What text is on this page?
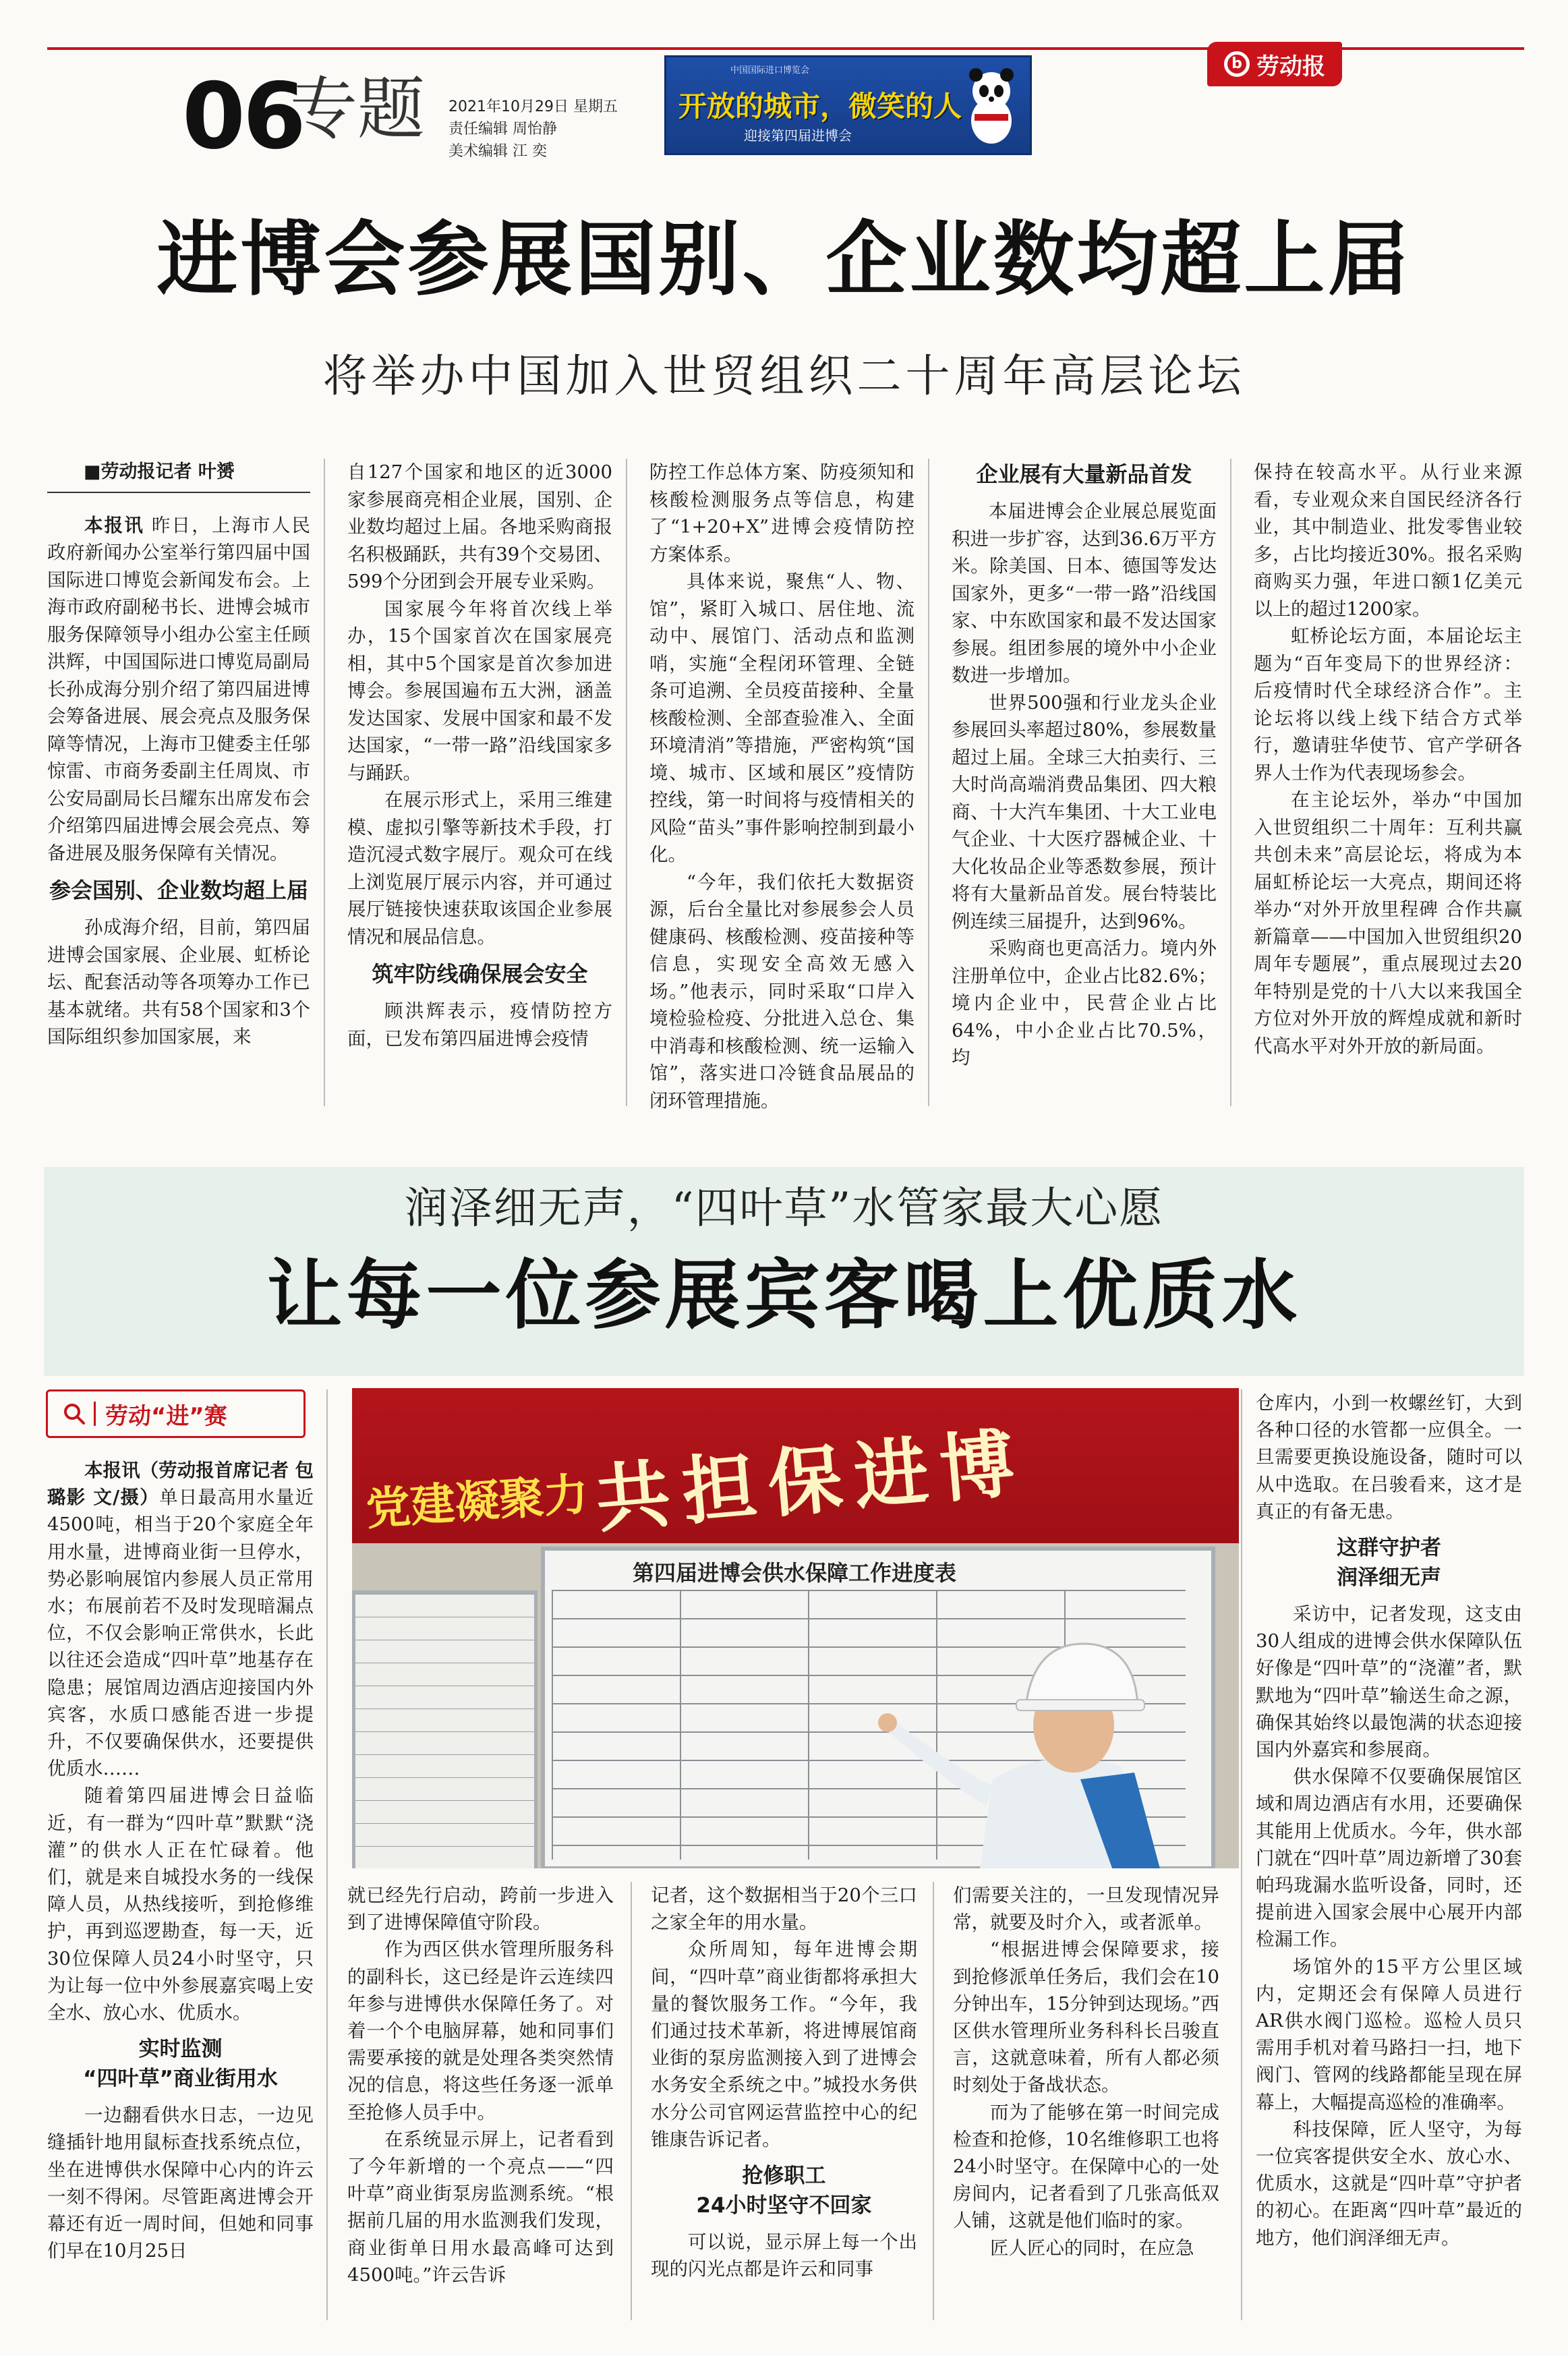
06
专题 2021年10月29日 星期五
责任编辑 周怡静
美术编辑 江 奕
中国国际进口博览会
开放的城市，微笑的人
迎接第四届进博会
b 劳动报
进博会参展国别、企业数均超上届
将举办中国加入世贸组织二十周年高层论坛

■劳动报记者 叶赟

本报讯 昨日，上海市人民政府新闻办公室举行第四届中国国际进口博览会新闻发布会。上海市政府副秘书长、进博会城市服务保障领导小组办公室主任顾洪辉，中国国际进口博览局副局长孙成海分别介绍了第四届进博会筹备进展、展会亮点及服务保障等情况，上海市卫健委主任邬惊雷、市商务委副主任周岚、市公安局副局长吕耀东出席发布会介绍第四届进博会展会亮点、筹备进展及服务保障有关情况。

参会国别、企业数均超上届

孙成海介绍，目前，第四届进博会国家展、企业展、虹桥论坛、配套活动等各项筹办工作已基本就绪。共有58个国家和3个国际组织参加国家展，来

自127个国家和地区的近3000家参展商亮相企业展，国别、企业数均超过上届。各地采购商报名积极踊跃，共有39个交易团、599个分团到会开展专业采购。

国家展今年将首次线上举办，15个国家首次在国家展亮相，其中5个国家是首次参加进博会。参展国遍布五大洲，涵盖发达国家、发展中国家和最不发达国家，“一带一路”沿线国家多与踊跃。

在展示形式上，采用三维建模、虚拟引擎等新技术手段，打造沉浸式数字展厅。观众可在线上浏览展厅展示内容，并可通过展厅链接快速获取该国企业参展情况和展品信息。

筑牢防线确保展会安全

顾洪辉表示，疫情防控方面，已发布第四届进博会疫情

防控工作总体方案、防疫须知和核酸检测服务点等信息，构建了“1+20+X”进博会疫情防控方案体系。

具体来说，聚焦“人、物、馆”，紧盯入城口、居住地、流动中、展馆门、活动点和监测哨，实施“全程闭环管理、全链条可追溯、全员疫苗接种、全量核酸检测、全部查验准入、全面环境清消”等措施，严密构筑“国境、城市、区域和展区”疫情防控线，第一时间将与疫情相关的风险“苗头”事件影响控制到最小化。

“今年，我们依托大数据资源，后台全量比对参展参会人员健康码、核酸检测、疫苗接种等信息，实现安全高效无感入场。”他表示，同时采取“口岸入境检验检疫、分批进入总仓、集中消毒和核酸检测、统一运输入馆”，落实进口冷链食品展品的闭环管理措施。

企业展有大量新品首发

本届进博会企业展总展览面积进一步扩容，达到36.6万平方米。除美国、日本、德国等发达国家外，更多“一带一路”沿线国家、中东欧国家和最不发达国家参展。组团参展的境外中小企业数进一步增加。

世界500强和行业龙头企业参展回头率超过80%，参展数量超过上届。全球三大拍卖行、三大时尚高端消费品集团、四大粮商、十大汽车集团、十大工业电气企业、十大医疗器械企业、十大化妆品企业等悉数参展，预计将有大量新品首发。展台特装比例连续三届提升，达到96%。

采购商也更高活力。境内外注册单位中，企业占比82.6%；境内企业中，民营企业占比64%，中小企业占比70.5%，均

保持在较高水平。从行业来源看，专业观众来自国民经济各行业，其中制造业、批发零售业较多，占比均接近30%。报名采购商购买力强，年进口额1亿美元以上的超过1200家。

虹桥论坛方面，本届论坛主题为“百年变局下的世界经济：后疫情时代全球经济合作”。主论坛将以线上线下结合方式举行，邀请驻华使节、官产学研各界人士作为代表现场参会。

在主论坛外，举办“中国加入世贸组织二十周年：互利共赢 共创未来”高层论坛，将成为本届虹桥论坛一大亮点，期间还将举办“对外开放里程碑 合作共赢新篇章——中国加入世贸组织20周年专题展”，重点展现过去20年特别是党的十八大以来我国全方位对外开放的辉煌成就和新时代高水平对外开放的新局面。

润泽细无声，“四叶草”水管家最大心愿
让每一位参展宾客喝上优质水
劳动“进”赛
党建凝聚力 共担保进博
第四届进博会供水保障工作进度表

本报讯（劳动报首席记者 包璐影 文/摄）单日最高用水量近4500吨，相当于20个家庭全年用水量，进博商业街一旦停水，势必影响展馆内参展人员正常用水；布展前若不及时发现暗漏点位，不仅会影响正常供水，长此以往还会造成“四叶草”地基存在隐患；展馆周边酒店迎接国内外宾客，水质口感能否进一步提升，不仅要确保供水，还要提供优质水……

随着第四届进博会日益临近，有一群为“四叶草”默默“浇灌”的供水人正在忙碌着。他们，就是来自城投水务的一线保障人员，从热线接听，到抢修维护，再到巡逻勘查，每一天，近30位保障人员24小时坚守，只为让每一位中外参展嘉宾喝上安全水、放心水、优质水。

实时监测
“四叶草”商业街用水

一边翻看供水日志，一边见缝插针地用鼠标查找系统点位，坐在进博供水保障中心内的许云一刻不得闲。尽管距离进博会开幕还有近一周时间，但她和同事们早在10月25日

就已经先行启动，跨前一步进入到了进博保障值守阶段。

作为西区供水管理所服务科的副科长，这已经是许云连续四年参与进博供水保障任务了。对着一个个电脑屏幕，她和同事们需要承接的就是处理各类突然情况的信息，将这些任务逐一派单至抢修人员手中。

在系统显示屏上，记者看到了今年新增的一个亮点——“四叶草”商业街泵房监测系统。“根据前几届的用水监测我们发现，商业街单日用水最高峰可达到4500吨。”许云告诉

记者，这个数据相当于20个三口之家全年的用水量。

众所周知，每年进博会期间，“四叶草”商业街都将承担大量的餐饮服务工作。“今年，我们通过技术革新，将进博展馆商业街的泵房监测接入到了进博会水务安全系统之中。”城投水务供水分公司官网运营监控中心的纪锥康告诉记者。

抢修职工
24小时坚守不回家

可以说，显示屏上每一个出现的闪光点都是许云和同事

们需要关注的，一旦发现情况异常，就要及时介入，或者派单。

“根据进博会保障要求，接到抢修派单任务后，我们会在10分钟出车，15分钟到达现场。”西区供水管理所业务科科长吕骏直言，这就意味着，所有人都必须时刻处于备战状态。

而为了能够在第一时间完成检查和抢修，10名维修职工也将24小时坚守。在保障中心的一处房间内，记者看到了几张高低双人铺，这就是他们临时的家。

匠人匠心的同时，在应急

仓库内，小到一枚螺丝钉，大到各种口径的水管都一应俱全。一旦需要更换设施设备，随时可以从中选取。在吕骏看来，这才是真正的有备无患。

这群守护者
润泽细无声

采访中，记者发现，这支由30人组成的进博会供水保障队伍好像是“四叶草”的“浇灌”者，默默地为“四叶草”输送生命之源，确保其始终以最饱满的状态迎接国内外嘉宾和参展商。

供水保障不仅要确保展馆区域和周边酒店有水用，还要确保其能用上优质水。今年，供水部门就在“四叶草”周边新增了30套帕玛珑漏水监听设备，同时，还提前进入国家会展中心展开内部检漏工作。

场馆外的15平方公里区域内，定期还会有保障人员进行AR供水阀门巡检。巡检人员只需用手机对着马路扫一扫，地下阀门、管网的线路都能呈现在屏幕上，大幅提高巡检的准确率。

科技保障，匠人坚守，为每一位宾客提供安全水、放心水、优质水，这就是“四叶草”守护者的初心。在距离“四叶草”最近的地方，他们润泽细无声。
